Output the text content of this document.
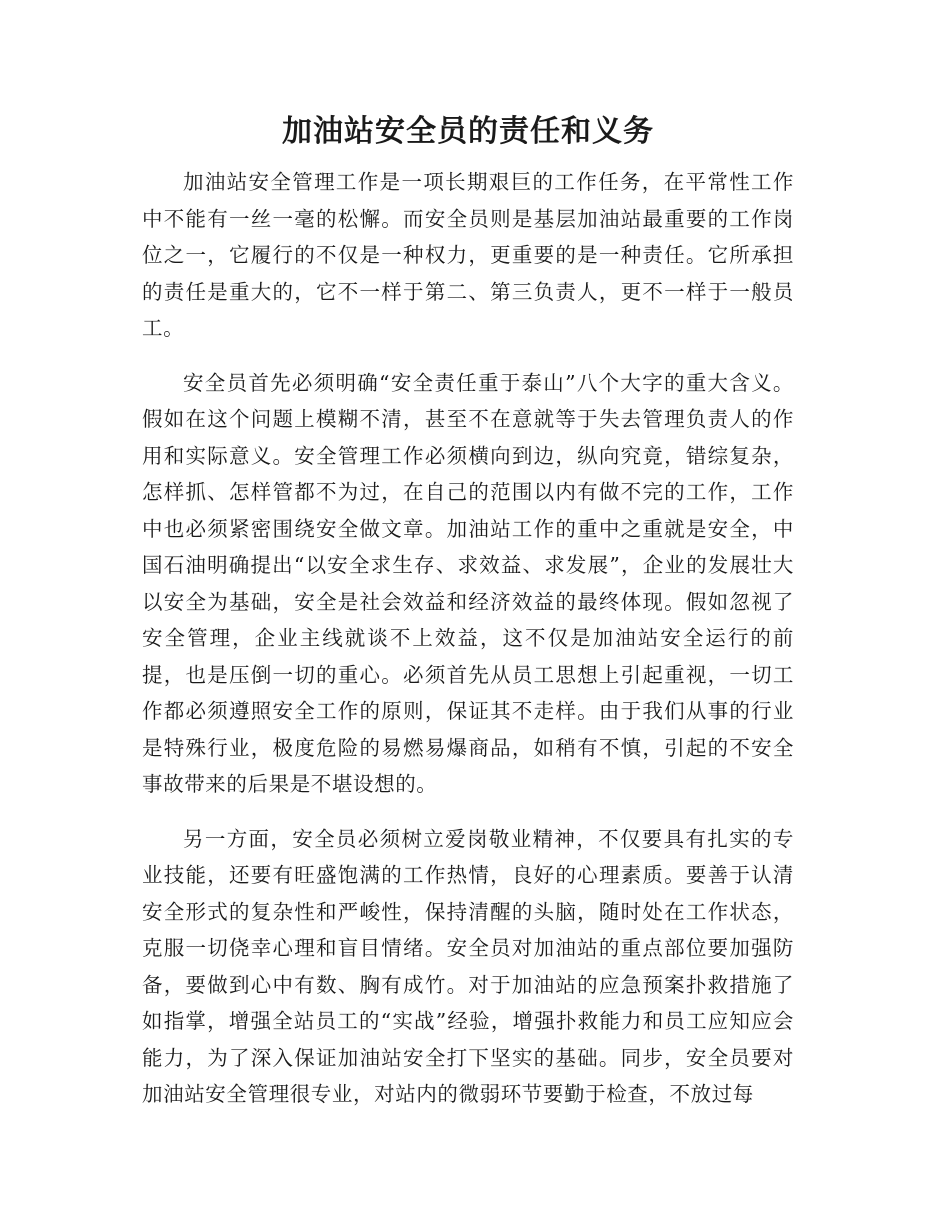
加油站安全员的责任和义务

加油站安全管理工作是一项长期艰巨的工作任务，在平常性工作中不能有一丝一毫的松懈。而安全员则是基层加油站最重要的工作岗位之一，它履行的不仅是一种权力，更重要的是一种责任。它所承担的责任是重大的，它不一样于第二、第三负责人，更不一样于一般员工。

安全员首先必须明确“安全责任重于泰山”八个大字的重大含义。假如在这个问题上模糊不清，甚至不在意就等于失去管理负责人的作用和实际意义。安全管理工作必须横向到边，纵向究竟，错综复杂，怎样抓、怎样管都不为过，在自己的范围以内有做不完的工作，工作中也必须紧密围绕安全做文章。加油站工作的重中之重就是安全，中国石油明确提出“以安全求生存、求效益、求发展”，企业的发展壮大以安全为基础，安全是社会效益和经济效益的最终体现。假如忽视了安全管理，企业主线就谈不上效益，这不仅是加油站安全运行的前提，也是压倒一切的重心。必须首先从员工思想上引起重视，一切工作都必须遵照安全工作的原则，保证其不走样。由于我们从事的行业是特殊行业，极度危险的易燃易爆商品，如稍有不慎，引起的不安全事故带来的后果是不堪设想的。

另一方面，安全员必须树立爱岗敬业精神，不仅要具有扎实的专业技能，还要有旺盛饱满的工作热情，良好的心理素质。要善于认清安全形式的复杂性和严峻性，保持清醒的头脑，随时处在工作状态，克服一切侥幸心理和盲目情绪。安全员对加油站的重点部位要加强防备，要做到心中有数、胸有成竹。对于加油站的应急预案扑救措施了如指掌，增强全站员工的“实战”经验，增强扑救能力和员工应知应会能力，为了深入保证加油站安全打下坚实的基础。同步，安全员要对加油站安全管理很专业，对站内的微弱环节要勤于检查，不放过每
